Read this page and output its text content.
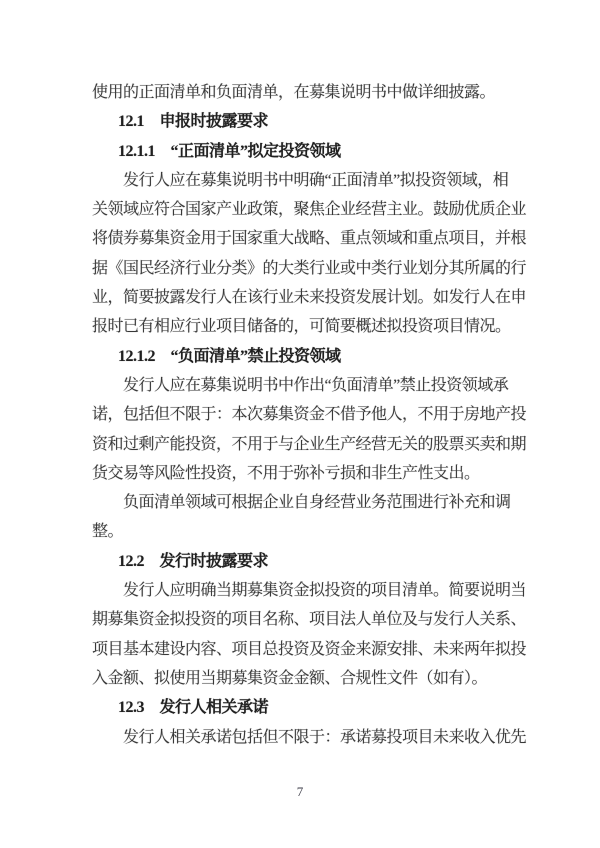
使用的正面清单和负面清单，在募集说明书中做详细披露。
12.1　申报时披露要求
12.1.1　“正面清单”拟定投资领域
发行人应在募集说明书中明确“正面清单”拟投资领域，相
关领域应符合国家产业政策，聚焦企业经营主业。鼓励优质企业
将债券募集资金用于国家重大战略、重点领域和重点项目，并根
据《国民经济行业分类》的大类行业或中类行业划分其所属的行
业，简要披露发行人在该行业未来投资发展计划。如发行人在申
报时已有相应行业项目储备的，可简要概述拟投资项目情况。
12.1.2　“负面清单”禁止投资领域
发行人应在募集说明书中作出“负面清单”禁止投资领域承
诺，包括但不限于：本次募集资金不借予他人，不用于房地产投
资和过剩产能投资，不用于与企业生产经营无关的股票买卖和期
货交易等风险性投资，不用于弥补亏损和非生产性支出。
负面清单领域可根据企业自身经营业务范围进行补充和调
整。
12.2　发行时披露要求
发行人应明确当期募集资金拟投资的项目清单。简要说明当
期募集资金拟投资的项目名称、项目法人单位及与发行人关系、
项目基本建设内容、项目总投资及资金来源安排、未来两年拟投
入金额、拟使用当期募集资金金额、合规性文件（如有）。
12.3　发行人相关承诺
发行人相关承诺包括但不限于：承诺募投项目未来收入优先
7
